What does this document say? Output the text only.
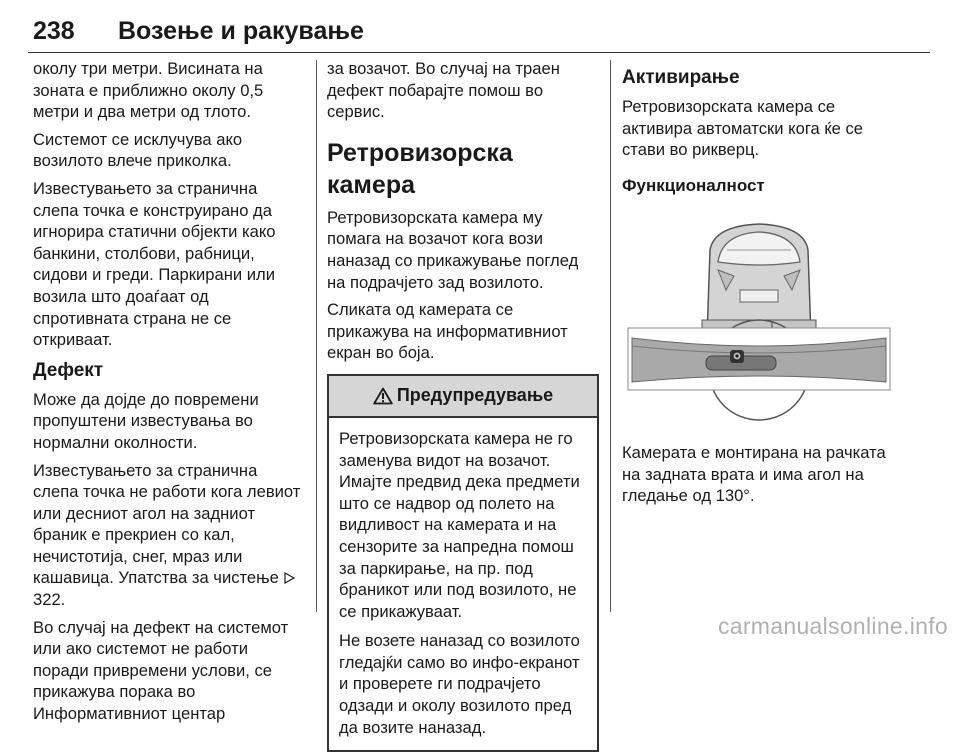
238 Возење и ракување

околу три метри. Висината на зоната е приближно околу 0,5 метри и два метри од тлото.

Системот се исклучува ако возилото влече приколка.

Известувањето за странична слепа точка е конструирано да игнорира статични објекти како банкини, столбови, рабници, сидови и греди. Паркирани или возила што доаѓаат од спротивната страна не се откриваат.

Дефект

Може да дојде до повремени пропуштени известувања во нормални околности.

Известувањето за странична слепа точка не работи кога левиот или десниот агол на задниот браник е прекриен со кал, нечистотија, снег, мраз или кашавица. Упатства за чистење  322.

Во случај на дефект на системот или ако системот не работи поради привремени услови, се прикажува порака во Информативниот центар

за возачот. Во случај на траен дефект побарајте помош во сервис.

Ретровизорска камера

Ретровизорската камера му помага на возачот кога вози наназад со прикажување поглед на подрачјето зад возилото.

Сликата од камерата се прикажува на информативниот екран во боја.

Предупредување

Ретровизорската камера не го заменува видот на возачот. Имајте предвид дека предмети што се надвор од полето на видливост на камерата и на сензорите за напредна помош за паркирање, на пр. под браникот или под возилото, не се прикажуваат.

Не возете наназад со возилото гледајќи само во инфо-екранот и проверете ги подрачјето одзади и околу возилото пред да возите наназад.

Активирање

Ретровизорската камера се активира автоматски кога ќе се стави во рикверц.

Функционалност

Камерата е монтирана на рачката на задната врата и има агол на гледање од 130°.

carmanualsonline.info
